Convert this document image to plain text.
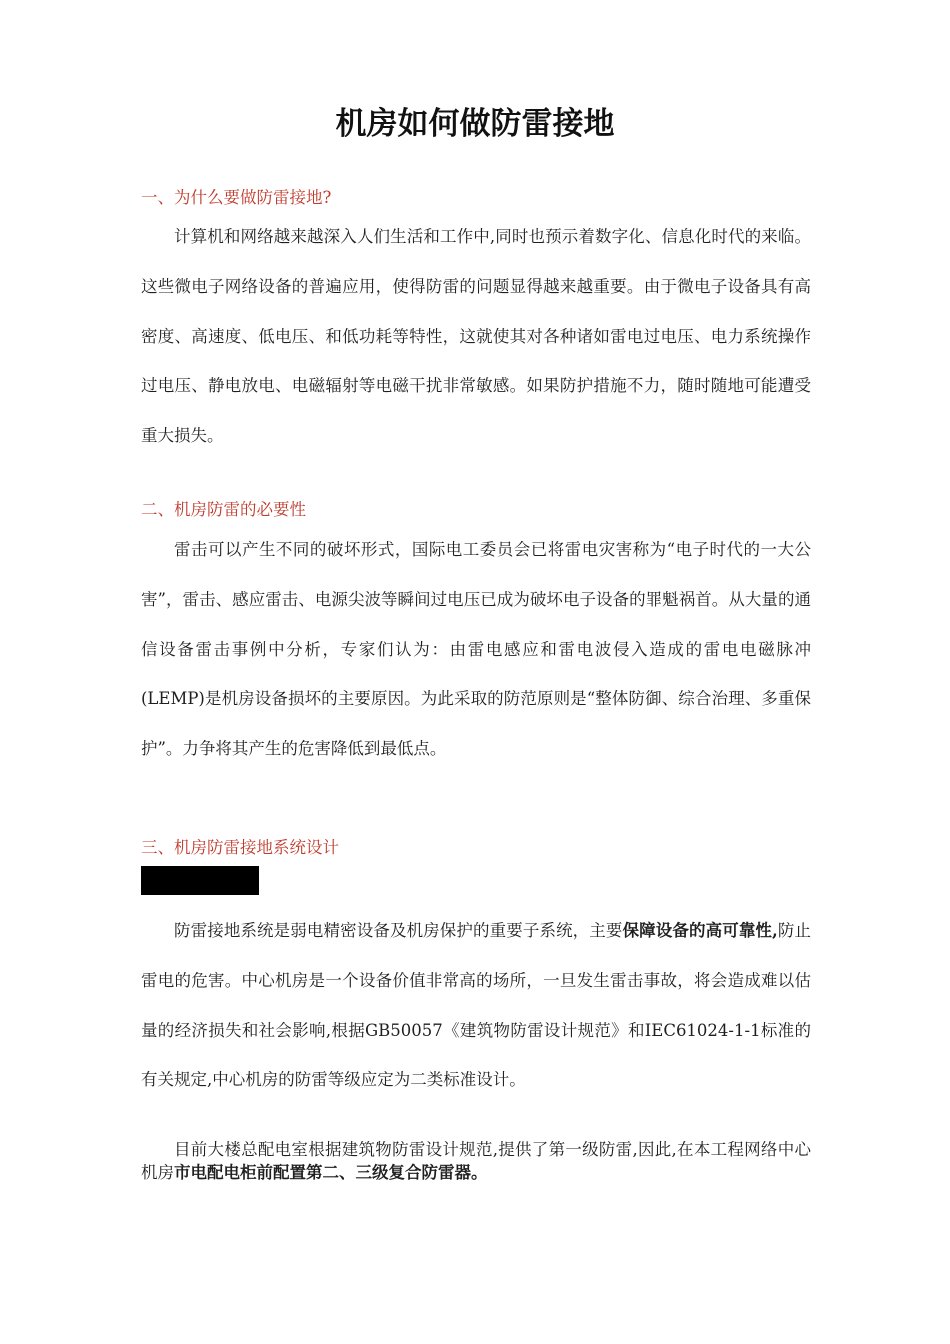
机房如何做防雷接地
一、为什么要做防雷接地?

计算机和网络越来越深入人们生活和工作中,同时也预示着数字化、信息化时代的来临。这些微电子网络设备的普遍应用，使得防雷的问题显得越来越重要。由于微电子设备具有高密度、高速度、低电压、和低功耗等特性，这就使其对各种诸如雷电过电压、电力系统操作过电压、静电放电、电磁辐射等电磁干扰非常敏感。如果防护措施不力，随时随地可能遭受重大损失。

二、机房防雷的必要性

雷击可以产生不同的破坏形式，国际电工委员会已将雷电灾害称为“电子时代的一大公害”，雷击、感应雷击、电源尖波等瞬间过电压已成为破坏电子设备的罪魁祸首。从大量的通信设备雷击事例中分析，专家们认为：由雷电感应和雷电波侵入造成的雷电电磁脉冲(LEMP)是机房设备损坏的主要原因。为此采取的防范原则是“整体防御、综合治理、多重保护”。力争将其产生的危害降低到最低点。

三、机房防雷接地系统设计

防雷接地系统是弱电精密设备及机房保护的重要子系统，主要保障设备的高可靠性,防止雷电的危害。中心机房是一个设备价值非常高的场所，一旦发生雷击事故，将会造成难以估量的经济损失和社会影响,根据GB50057《建筑物防雷设计规范》和IEC61024-1-1标准的有关规定,中心机房的防雷等级应定为二类标准设计。

目前大楼总配电室根据建筑物防雷设计规范,提供了第一级防雷,因此,在本工程网络中心机房市电配电柜前配置第二、三级复合防雷器。
